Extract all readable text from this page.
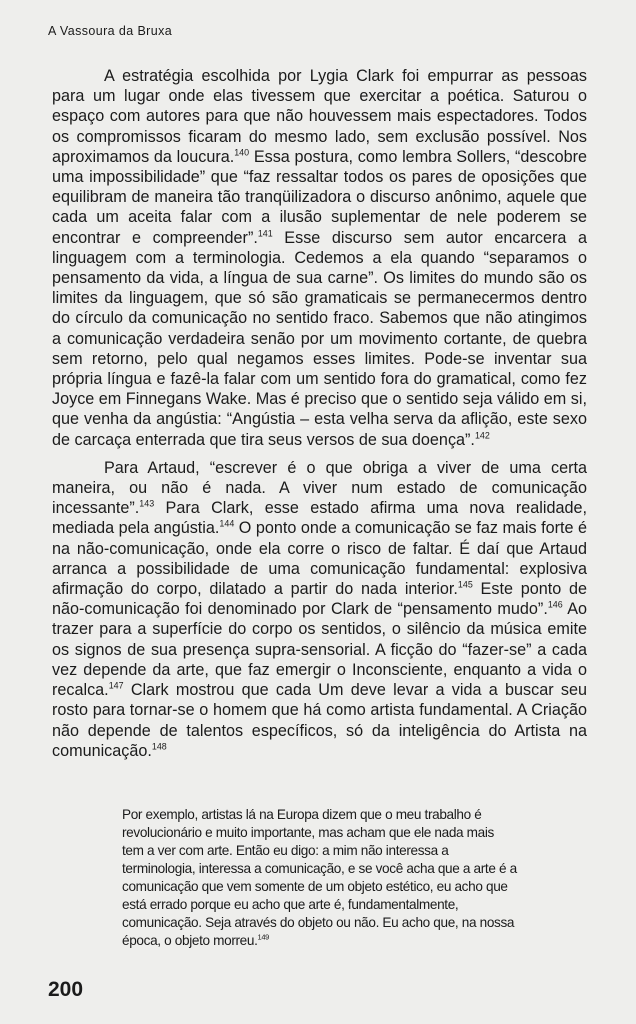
A Vassoura da Bruxa

A estratégia escolhida por Lygia Clark foi empurrar as pessoas para um lugar onde elas tivessem que exercitar a poética. Saturou o espaço com autores para que não houvessem mais espectadores. Todos os compromissos ficaram do mesmo lado, sem exclusão possível. Nos aproximamos da loucura.$^{140}$ Essa postura, como lembra Sollers, “descobre uma impossibilidade” que “faz ressaltar todos os pares de oposições que equilibram de maneira tão tranqüilizadora o discurso anônimo, aquele que cada um aceita falar com a ilusão suplementar de nele poderem se encontrar e compreender”.$^{141}$ Esse discurso sem autor encarcera a linguagem com a terminologia. Cedemos a ela quando “separamos o pensamento da vida, a língua de sua carne”. Os limites do mundo são os limites da linguagem, que só são gramaticais se permanecermos dentro do círculo da comunicação no sentido fraco. Sabemos que não atingimos a comunicação verdadeira senão por um movimento cortante, de quebra sem retorno, pelo qual negamos esses limites. Pode-se inventar sua própria língua e fazê-la falar com um sentido fora do gramatical, como fez Joyce em Finnegans Wake. Mas é preciso que o sentido seja válido em si, que venha da angústia: “Angústia – esta velha serva da aflição, este sexo de carcaça enterrada que tira seus versos de sua doença”.$^{142}$

Para Artaud, “escrever é o que obriga a viver de uma certa maneira, ou não é nada. A viver num estado de comunicação incessante”.$^{143}$ Para Clark, esse estado afirma uma nova realidade, mediada pela angústia.$^{144}$ O ponto onde a comunicação se faz mais forte é na não-comunicação, onde ela corre o risco de faltar. É daí que Artaud arranca a possibilidade de uma comunicação fundamental: explosiva afirmação do corpo, dilatado a partir do nada interior.$^{145}$ Este ponto de não-comunicação foi denominado por Clark de “pensamento mudo”.$^{146}$ Ao trazer para a superfície do corpo os sentidos, o silêncio da música emite os signos de sua presença supra-sensorial. A ficção do “fazer-se” a cada vez depende da arte, que faz emergir o Inconsciente, enquanto a vida o recalca.$^{147}$ Clark mostrou que cada Um deve levar a vida a buscar seu rosto para tornar-se o homem que há como artista fundamental. A Criação não depende de talentos específicos, só da inteligência do Artista na comunicação.$^{148}$

Por exemplo, artistas lá na Europa dizem que o meu trabalho é revolucionário e muito importante, mas acham que ele nada mais tem a ver com arte. Então eu digo: a mim não interessa a terminologia, interessa a comunicação, e se você acha que a arte é a comunicação que vem somente de um objeto estético, eu acho que está errado porque eu acho que arte é, fundamentalmente, comunicação. Seja através do objeto ou não. Eu acho que, na nossa época, o objeto morreu.$^{149}$

200
